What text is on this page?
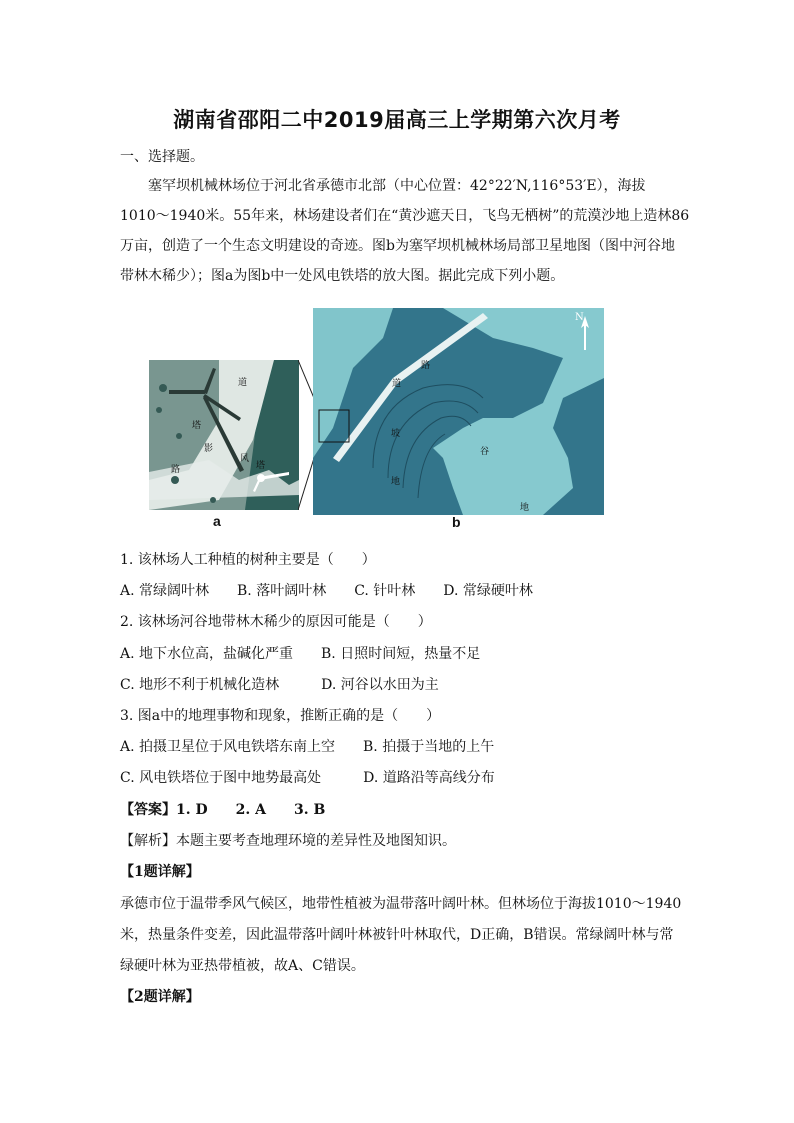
湖南省邵阳二中2019届高三上学期第六次月考
一、选择题。
塞罕坝机械林场位于河北省承德市北部（中心位置：42°22′N,116°53′E），海拔
1010～1940米。55年来，林场建设者们在“黄沙遮天日，飞鸟无栖树”的荒漠沙地上造林86
万亩，创造了一个生态文明建设的奇迹。图b为塞罕坝机械林场局部卫星地图（图中河谷地
带林木稀少）；图a为图b中一处风电铁塔的放大图。据此完成下列小题。
道
塔
影
路
风
塔
N
道
路
坡
地
谷
地
a	b
1. 该林场人工种植的树种主要是（　　）
A. 常绿阔叶林　　B. 落叶阔叶林　　C. 针叶林　　D. 常绿硬叶林
2. 该林场河谷地带林木稀少的原因可能是（　　）
A. 地下水位高，盐碱化严重　　B. 日照时间短，热量不足
C. 地形不利于机械化造林　　　D. 河谷以水田为主
3. 图a中的地理事物和现象，推断正确的是（　　）
A. 拍摄卫星位于风电铁塔东南上空　　B. 拍摄于当地的上午
C. 风电铁塔位于图中地势最高处　　　D. 道路沿等高线分布
【答案】1. D　　2. A　　3. B
【解析】本题主要考查地理环境的差异性及地图知识。
【1题详解】
承德市位于温带季风气候区，地带性植被为温带落叶阔叶林。但林场位于海拔1010～1940
米，热量条件变差，因此温带落叶阔叶林被针叶林取代，D正确，B错误。常绿阔叶林与常
绿硬叶林为亚热带植被，故A、C错误。
【2题详解】
